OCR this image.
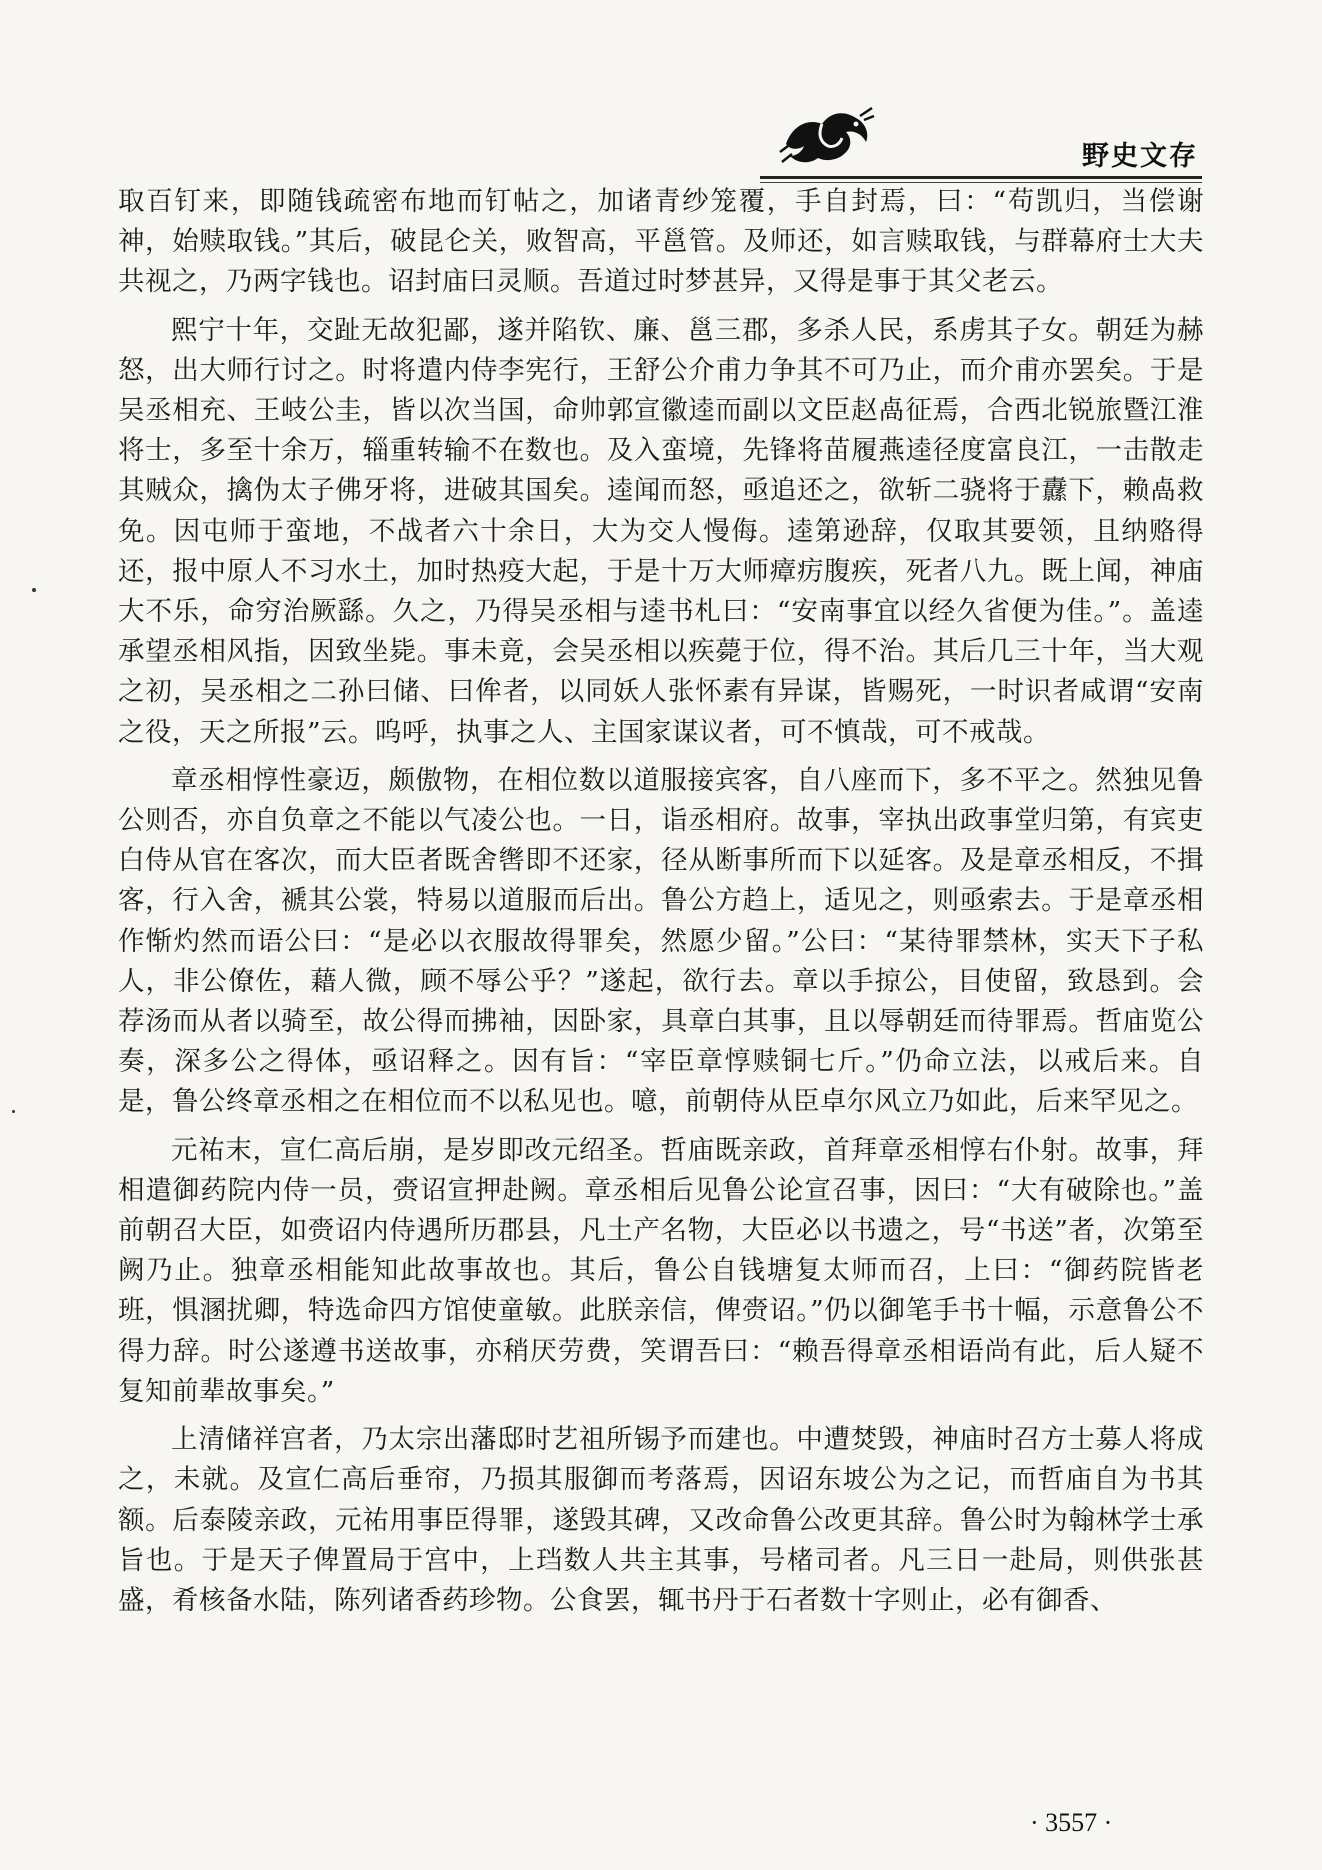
野史文存

取百钉来，即随钱疏密布地而钉帖之，加诸青纱笼覆，手自封焉，曰：“苟凯归，当偿谢神，始赎取钱。”其后，破昆仑关，败智高，平邕管。及师还，如言赎取钱，与群幕府士大夫共视之，乃两字钱也。诏封庙曰灵顺。吾道过时梦甚异，又得是事于其父老云。

熙宁十年，交趾无故犯鄙，遂并陷钦、廉、邕三郡，多杀人民，系虏其子女。朝廷为赫怒，出大师行讨之。时将遣内侍李宪行，王舒公介甫力争其不可乃止，而介甫亦罢矣。于是吴丞相充、王岐公圭，皆以次当国，命帅郭宣徽逵而副以文臣赵卨征焉，合西北锐旅暨江淮将士，多至十余万，辎重转输不在数也。及入蛮境，先锋将苗履燕逵径度富良江，一击散走其贼众，擒伪太子佛牙将，进破其国矣。逵闻而怒，亟追还之，欲斩二骁将于纛下，赖卨救免。因屯师于蛮地，不战者六十余日，大为交人慢侮。逵第逊辞，仅取其要领，且纳赂得还，报中原人不习水土，加时热疫大起，于是十万大师瘴疠腹疾，死者八九。既上闻，神庙大不乐，命穷治厥繇。久之，乃得吴丞相与逵书札曰：“安南事宜以经久省便为佳。”。盖逵承望丞相风指，因致坐毙。事未竟，会吴丞相以疾薨于位，得不治。其后几三十年，当大观之初，吴丞相之二孙曰储、曰侔者，以同妖人张怀素有异谋，皆赐死，一时识者咸谓“安南之役，天之所报”云。呜呼，执事之人、主国家谋议者，可不慎哉，可不戒哉。

章丞相惇性豪迈，颇傲物，在相位数以道服接宾客，自八座而下，多不平之。然独见鲁公则否，亦自负章之不能以气凌公也。一日，诣丞相府。故事，宰执出政事堂归第，有宾吏白侍从官在客次，而大臣者既舍辔即不还家，径从断事所而下以延客。及是章丞相反，不揖客，行入舍，褫其公裳，特易以道服而后出。鲁公方趋上，适见之，则亟索去。于是章丞相作惭灼然而语公曰：“是必以衣服故得罪矣，然愿少留。”公曰：“某待罪禁林，实天下子私人，非公僚佐，藉人微，顾不辱公乎？”遂起，欲行去。章以手掠公，目使留，致恳到。会荐汤而从者以骑至，故公得而拂袖，因卧家，具章白其事，且以辱朝廷而待罪焉。哲庙览公奏，深多公之得体，亟诏释之。因有旨：“宰臣章惇赎铜七斤。”仍命立法，以戒后来。自是，鲁公终章丞相之在相位而不以私见也。噫，前朝侍从臣卓尔风立乃如此，后来罕见之。

元祐末，宣仁高后崩，是岁即改元绍圣。哲庙既亲政，首拜章丞相惇右仆射。故事，拜相遣御药院内侍一员，赍诏宣押赴阙。章丞相后见鲁公论宣召事，因曰：“大有破除也。”盖前朝召大臣，如赍诏内侍遇所历郡县，凡土产名物，大臣必以书遗之，号“书送”者，次第至阙乃止。独章丞相能知此故事故也。其后，鲁公自钱塘复太师而召，上曰：“御药院皆老班，惧溷扰卿，特选命四方馆使童敏。此朕亲信，俾赍诏。”仍以御笔手书十幅，示意鲁公不得力辞。时公遂遵书送故事，亦稍厌劳费，笑谓吾曰：“赖吾得章丞相语尚有此，后人疑不复知前辈故事矣。”

上清储祥宫者，乃太宗出藩邸时艺祖所锡予而建也。中遭焚毁，神庙时召方士募人将成之，未就。及宣仁高后垂帘，乃损其服御而考落焉，因诏东坡公为之记，而哲庙自为书其额。后泰陵亲政，元祐用事臣得罪，遂毁其碑，又改命鲁公改更其辞。鲁公时为翰林学士承旨也。于是天子俾置局于宫中，上珰数人共主其事，号楮司者。凡三日一赴局，则供张甚盛，肴核备水陆，陈列诸香药珍物。公食罢，辄书丹于石者数十字则止，必有御香、

· 3557 ·
